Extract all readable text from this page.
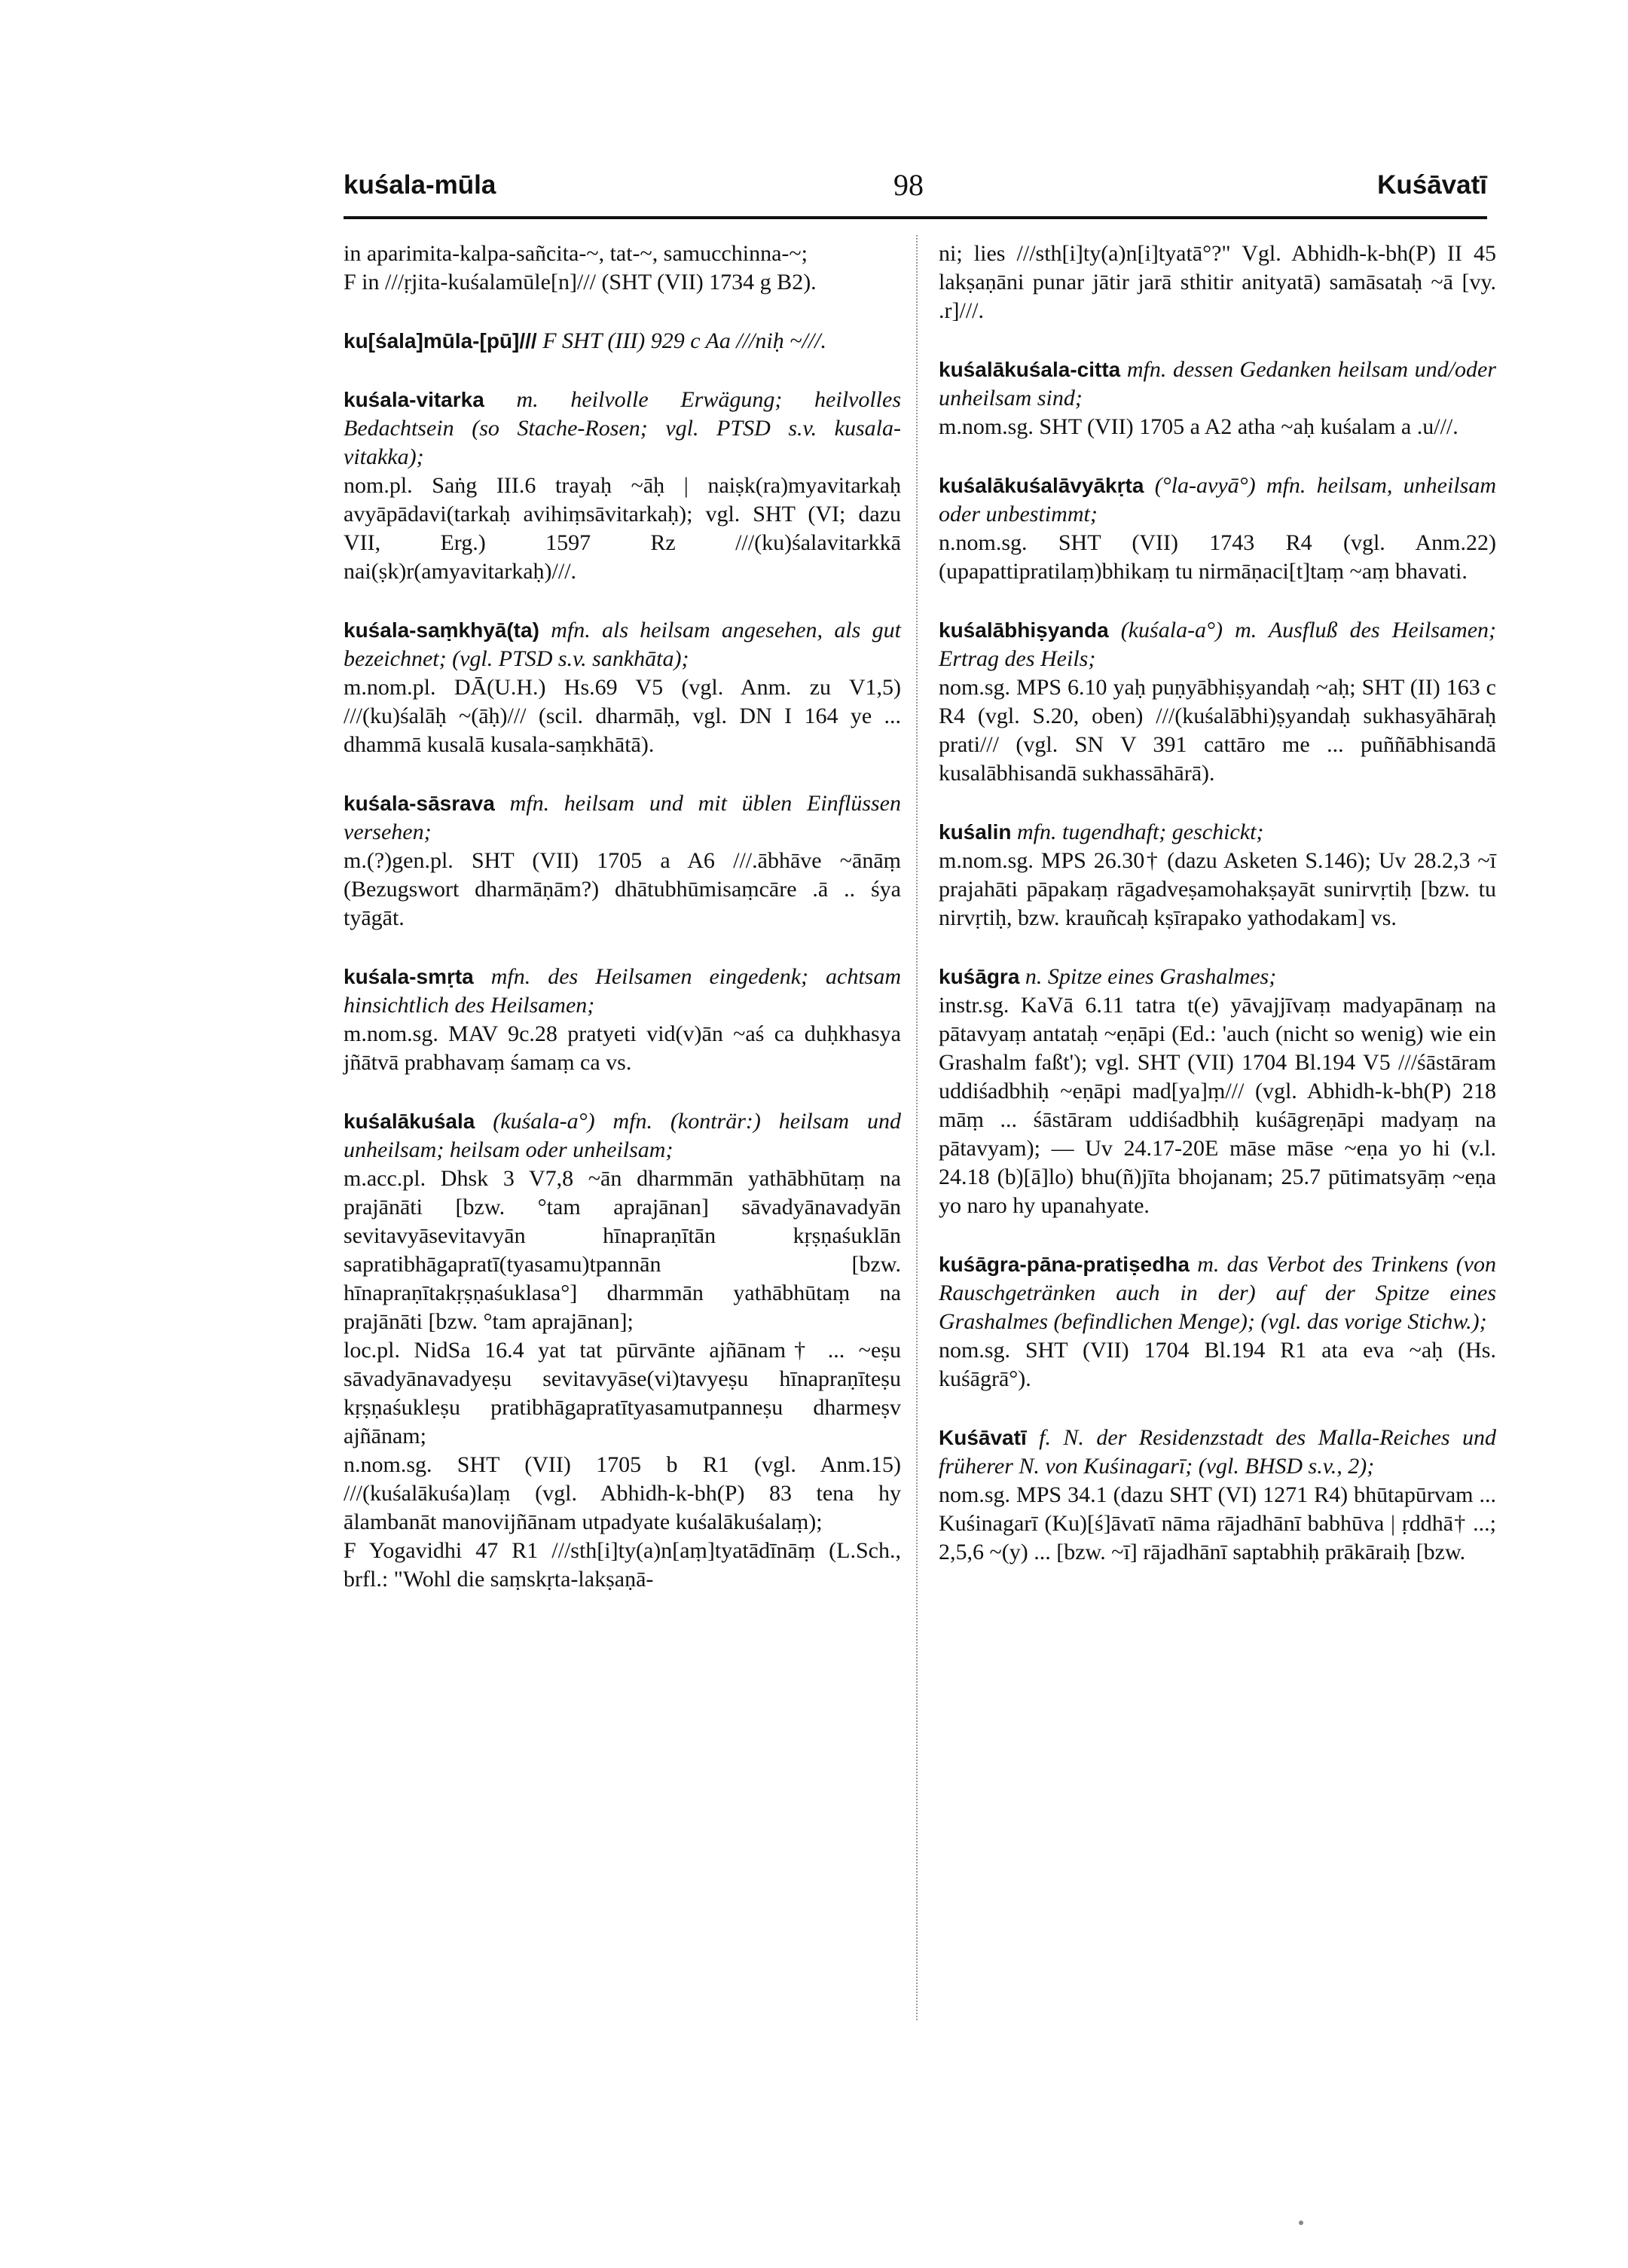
kuśala-mūla	98	Kuśāvatī

in aparimita-kalpa-sañcita-~, tat-~, samucchinna-~;

F in ///ṛjita-kuśalamūle[n]/// (SHT (VII) 1734 g B2).

ku[śala]mūla-[pū]/// F SHT (III) 929 c Aa ///niḥ ~///.

kuśala-vitarka m. heilvolle Erwägung; heilvolles Bedachtsein (so Stache-Rosen; vgl. PTSD s.v. kusala-vitakka);

nom.pl. Saṅg III.6 trayaḥ ~āḥ | naiṣk(ra)myavitarkaḥ avyāpādavi(tarkaḥ avihiṃsāvitarkaḥ); vgl. SHT (VI; dazu VII, Erg.) 1597 Rz ///(ku)śalavitarkkā nai(ṣk)r(amyavitarkaḥ)///.

kuśala-saṃkhyā(ta) mfn. als heilsam angesehen, als gut bezeichnet; (vgl. PTSD s.v. sankhāta);

m.nom.pl. DĀ(U.H.) Hs.69 V5 (vgl. Anm. zu V1,5) ///(ku)śalāḥ ~(āḥ)/// (scil. dharmāḥ, vgl. DN I 164 ye ... dhammā kusalā kusala-saṃkhātā).

kuśala-sāsrava mfn. heilsam und mit üblen Einflüssen versehen;

m.(?)gen.pl. SHT (VII) 1705 a A6 ///.ābhāve ~ānāṃ (Bezugswort dharmāṇām?) dhātubhūmisaṃcāre .ā .. śya tyāgāt.

kuśala-smṛta mfn. des Heilsamen eingedenk; achtsam hinsichtlich des Heilsamen;

m.nom.sg. MAV 9c.28 pratyeti vid(v)ān ~aś ca duḥkhasya jñātvā prabhavaṃ śamaṃ ca vs.

kuśalākuśala (kuśala-a°) mfn. (konträr:) heilsam und unheilsam; heilsam oder unheilsam;

m.acc.pl. Dhsk 3 V7,8 ~ān dharmmān yathābhūtaṃ na prajānāti [bzw. °tam aprajānan] sāvadyānavadyān sevitavyāsevitavyān hīnapraṇītān kṛṣṇaśuklān sapratibhāgapratī(tyasamu)tpannān [bzw. hīnapraṇītakṛṣṇaśuklasa°] dharmmān yathābhūtaṃ na prajānāti [bzw. °tam aprajānan];

loc.pl. NidSa 16.4 yat tat pūrvānte ajñānam† ... ~eṣu sāvadyānavadyeṣu sevitavyāse(vi)tavyeṣu hīnapraṇīteṣu kṛṣṇaśukleṣu pratibhāgapratītyasamutpanneṣu dharmeṣv ajñānam;

n.nom.sg. SHT (VII) 1705 b R1 (vgl. Anm.15) ///(kuśalākuśa)laṃ (vgl. Abhidh-k-bh(P) 83 tena hy ālambanāt manovijñānam utpadyate kuśalākuśalaṃ);

F Yogavidhi 47 R1 ///sth[i]ty(a)n[aṃ]tyatādīnāṃ (L.Sch., brfl.: "Wohl die saṃskṛta-lakṣaṇā-

ni; lies ///sth[i]ty(a)n[i]tyatā°?" Vgl. Abhidh-k-bh(P) II 45 lakṣaṇāni punar jātir jarā sthitir anityatā) samāsataḥ ~ā [vy. .r]///.

kuśalākuśala-citta mfn. dessen Gedanken heilsam und/oder unheilsam sind;

m.nom.sg. SHT (VII) 1705 a A2 atha ~aḥ kuśalam a .u///.

kuśalākuśalāvyākṛta (°la-avyā°) mfn. heilsam, unheilsam oder unbestimmt;

n.nom.sg. SHT (VII) 1743 R4 (vgl. Anm.22) (upapattipratilaṃ)bhikaṃ tu nirmāṇaci[t]taṃ ~aṃ bhavati.

kuśalābhiṣyanda (kuśala-a°) m. Ausfluß des Heilsamen; Ertrag des Heils;

nom.sg. MPS 6.10 yaḥ puṇyābhiṣyandaḥ ~aḥ; SHT (II) 163 c R4 (vgl. S.20, oben) ///(kuśalābhi)ṣyandaḥ sukhasyāhāraḥ prati/// (vgl. SN V 391 cattāro me ... puññābhisandā kusalābhisandā sukhassāhārā).

kuśalin mfn. tugendhaft; geschickt;

m.nom.sg. MPS 26.30† (dazu Asketen S.146); Uv 28.2,3 ~ī prajahāti pāpakaṃ rāgadveṣamohakṣayāt sunirvṛtiḥ [bzw. tu nirvṛtiḥ, bzw. krauñcaḥ kṣīrapako yathodakam] vs.

kuśāgra n. Spitze eines Grashalmes;

instr.sg. KaVā 6.11 tatra t(e) yāvajjīvaṃ madyapānaṃ na pātavyaṃ antataḥ ~eṇāpi (Ed.: 'auch (nicht so wenig) wie ein Grashalm faßt'); vgl. SHT (VII) 1704 Bl.194 V5 ///śāstāram uddiśadbhiḥ ~eṇāpi mad[ya]ṃ/// (vgl. Abhidh-k-bh(P) 218 māṃ ... śāstāram uddiśadbhiḥ kuśāgreṇāpi madyaṃ na pātavyam); — Uv 24.17-20E māse māse ~eṇa yo hi (v.l. 24.18 (b)[ā]lo) bhu(ñ)jīta bhojanam; 25.7 pūtimatsyāṃ ~eṇa yo naro hy upanahyate.

kuśāgra-pāna-pratiṣedha m. das Verbot des Trinkens (von Rauschgetränken auch in der) auf der Spitze eines Grashalmes (befindlichen Menge); (vgl. das vorige Stichw.);

nom.sg. SHT (VII) 1704 Bl.194 R1 ata eva ~aḥ (Hs. kuśāgrā°).

Kuśāvatī f. N. der Residenzstadt des Malla-Reiches und früherer N. von Kuśinagarī; (vgl. BHSD s.v., 2);

nom.sg. MPS 34.1 (dazu SHT (VI) 1271 R4) bhūtapūrvam ... Kuśinagarī (Ku)[ś]āvatī nāma rājadhānī babhūva | ṛddhā† ...; 2,5,6 ~(y) ... [bzw. ~ī] rājadhānī saptabhiḥ prākāraiḥ [bzw.
